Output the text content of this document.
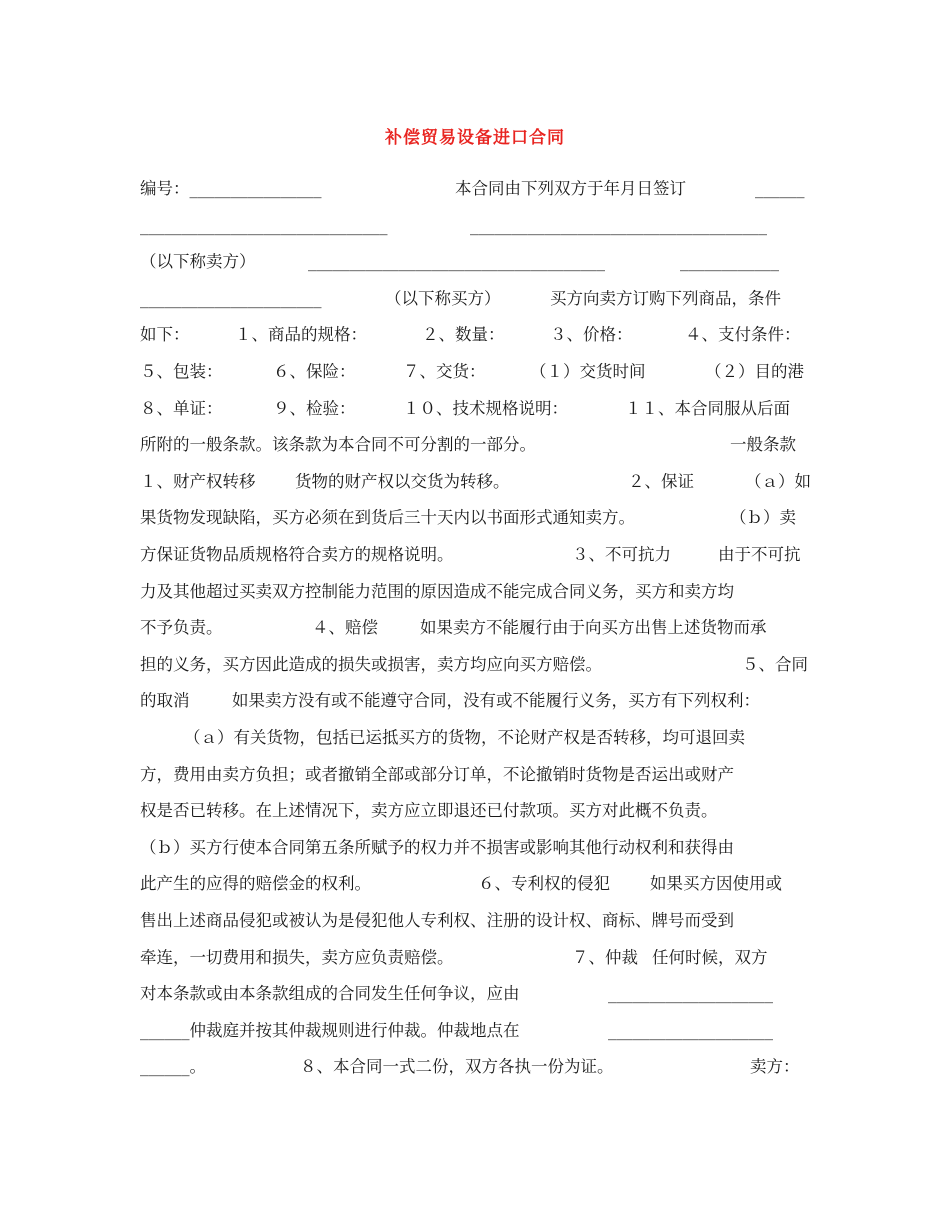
补偿贸易设备进口合同
编号：________________	本合同由下列双方于年月日签订	______
______________________________	____________________________________
（以下称卖方）	____________________________________	____________
______________________	（以下称买方）	买方向卖方订购下列商品，条件
如下：	１、商品的规格：	２、数量：	３、价格：	４、支付条件：
５、包装：	６、保险：	７、交货：	（１）交货时间	（２）目的港
８、单证：	９、检验：	１０、技术规格说明：	１１、本合同服从后面
所附的一般条款。该条款为本合同不可分割的一部分。	一般条款
１、财产权转移 货物的财产权以交货为转移。	２、保证	（ａ）如
果货物发现缺陷，买方必须在到货后三十天内以书面形式通知卖方。	（ｂ）卖
方保证货物品质规格符合卖方的规格说明。	３、不可抗力	由于不可抗
力及其他超过买卖双方控制能力范围的原因造成不能完成合同义务，买方和卖方均
不予负责。	４、赔偿	如果卖方不能履行由于向买方出售上述货物而承
担的义务，买方因此造成的损失或损害，卖方均应向买方赔偿。	５、合同
的取消	如果卖方没有或不能遵守合同，没有或不能履行义务，买方有下列权利：
（ａ）有关货物，包括已运抵买方的货物，不论财产权是否转移，均可退回卖
方，费用由卖方负担；或者撤销全部或部分订单，不论撤销时货物是否运出或财产
权是否已转移。在上述情况下，卖方应立即退还已付款项。买方对此概不负责。
（ｂ）买方行使本合同第五条所赋予的权力并不损害或影响其他行动权利和获得由
此产生的应得的赔偿金的权利。	６、专利权的侵犯 如果买方因使用或
售出上述商品侵犯或被认为是侵犯他人专利权、注册的设计权、商标、牌号而受到
牵连，一切费用和损失，卖方应负责赔偿。	７、仲裁 任何时候，双方
对本条款或由本条款组成的合同发生任何争议，应由	____________________
______仲裁庭并按其仲裁规则进行仲裁。仲裁地点在	____________________
______。	８、本合同一式二份，双方各执一份为证。	卖方：
